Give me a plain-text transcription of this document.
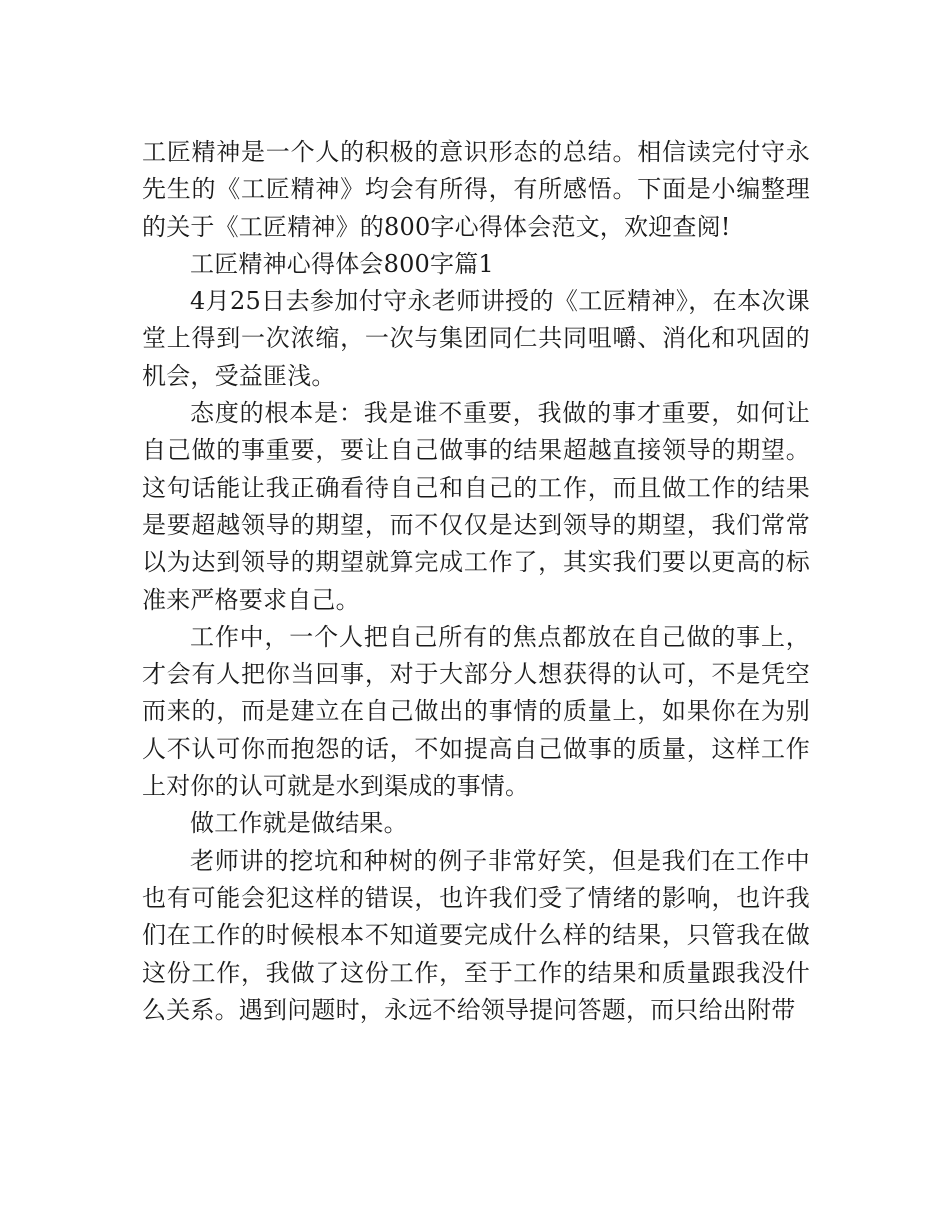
工匠精神是一个人的积极的意识形态的总结。相信读完付守永先生的《工匠精神》均会有所得，有所感悟。下面是小编整理的关于《工匠精神》的800字心得体会范文，欢迎查阅!

工匠精神心得体会800字篇1

4月25日去参加付守永老师讲授的《工匠精神》，在本次课堂上得到一次浓缩，一次与集团同仁共同咀嚼、消化和巩固的机会，受益匪浅。

态度的根本是：我是谁不重要，我做的事才重要，如何让自己做的事重要，要让自己做事的结果超越直接领导的期望。这句话能让我正确看待自己和自己的工作，而且做工作的结果是要超越领导的期望，而不仅仅是达到领导的期望，我们常常以为达到领导的期望就算完成工作了，其实我们要以更高的标准来严格要求自己。

工作中，一个人把自己所有的焦点都放在自己做的事上，才会有人把你当回事，对于大部分人想获得的认可，不是凭空而来的，而是建立在自己做出的事情的质量上，如果你在为别人不认可你而抱怨的话，不如提高自己做事的质量，这样工作上对你的认可就是水到渠成的事情。

做工作就是做结果。

老师讲的挖坑和种树的例子非常好笑，但是我们在工作中也有可能会犯这样的错误，也许我们受了情绪的影响，也许我们在工作的时候根本不知道要完成什么样的结果，只管我在做这份工作，我做了这份工作，至于工作的结果和质量跟我没什么关系。遇到问题时，永远不给领导提问答题，而只给出附带
